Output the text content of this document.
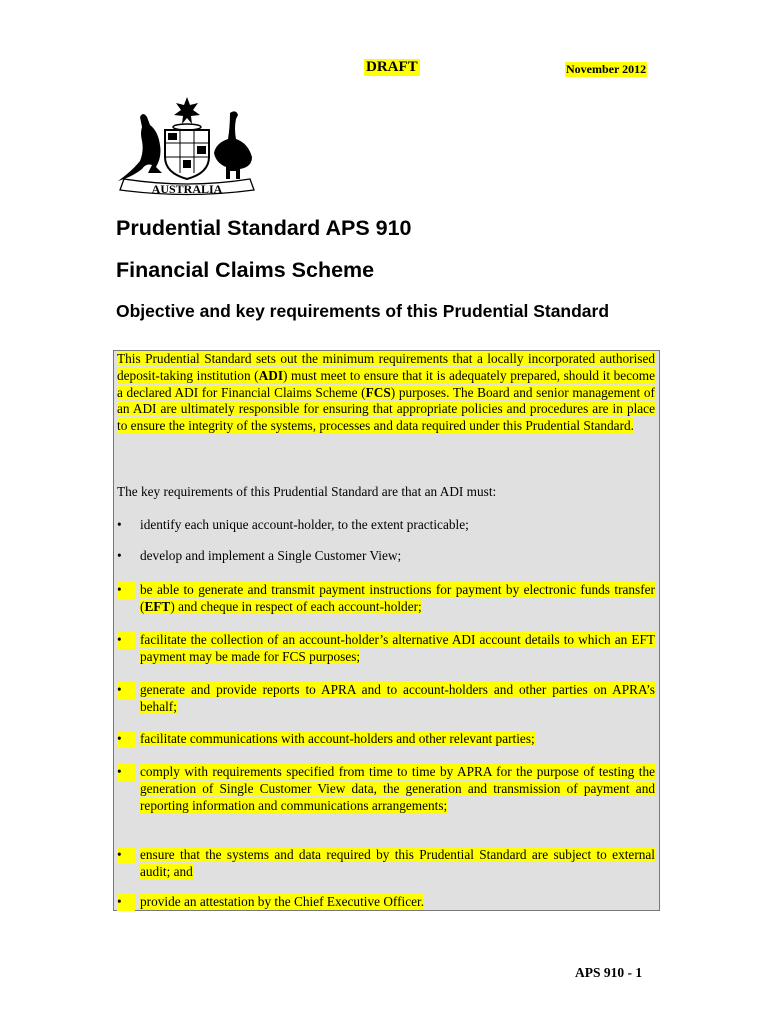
DRAFT	November 2012
AUSTRALIA
Prudential Standard APS 910
Financial Claims Scheme
Objective and key requirements of this Prudential Standard
This Prudential Standard sets out the minimum requirements that a locally incorporated authorised deposit-taking institution (ADI) must meet to ensure that it is adequately prepared, should it become a declared ADI for Financial Claims Scheme (FCS) purposes. The Board and senior management of an ADI are ultimately responsible for ensuring that appropriate policies and procedures are in place to ensure the integrity of the systems, processes and data required under this Prudential Standard.
The key requirements of this Prudential Standard are that an ADI must:
•	identify each unique account-holder, to the extent practicable;
•	develop and implement a Single Customer View;
•	be able to generate and transmit payment instructions for payment by electronic funds transfer (EFT) and cheque in respect of each account-holder;
•	facilitate the collection of an account-holder’s alternative ADI account details to which an EFT payment may be made for FCS purposes;
•	generate and provide reports to APRA and to account-holders and other parties on APRA’s behalf;
•	facilitate communications with account-holders and other relevant parties;
•	comply with requirements specified from time to time by APRA for the purpose of testing the generation of Single Customer View data, the generation and transmission of payment and reporting information and communications arrangements;
•	ensure that the systems and data required by this Prudential Standard are subject to external audit; and
•	provide an attestation by the Chief Executive Officer.
APS 910 - 1
